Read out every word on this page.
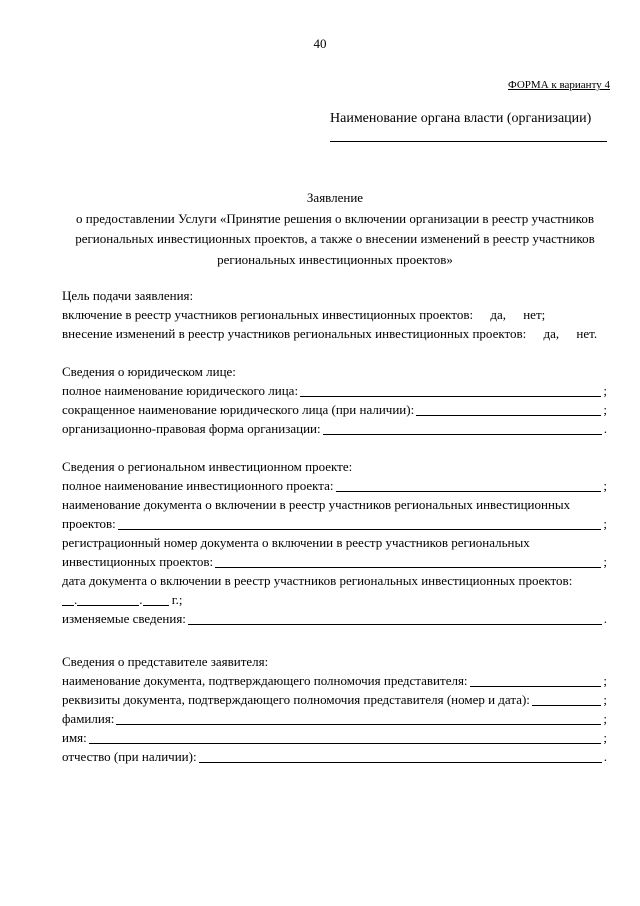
40
ФОРМА к варианту 4
Наименование органа власти (организации)
Заявление
о предоставлении Услуги «Принятие решения о включении организации в реестр участников
региональных инвестиционных проектов, а также о внесении изменений в реестр участников
региональных инвестиционных проектов»
Цель подачи заявления:
включение в реестр участников региональных инвестиционных проектов: да, нет;
внесение изменений в реестр участников региональных инвестиционных проектов: да, нет.
Сведения о юридическом лице:
полное наименование юридического лица:	;
сокращенное наименование юридического лица (при наличии):	;
организационно-правовая форма организации:	.
Сведения о региональном инвестиционном проекте:
полное наименование инвестиционного проекта:	;
наименование документа о включении в реестр участников региональных инвестиционных
проектов:	;
регистрационный номер документа о включении в реестр участников региональных
инвестиционных проектов:	;
дата документа о включении в реестр участников региональных инвестиционных проектов:
.	. г.;
изменяемые сведения:	.
Сведения о представителе заявителя:
наименование документа, подтверждающего полномочия представителя:	;
реквизиты документа, подтверждающего полномочия представителя (номер и дата):	;
фамилия:	;
имя:	;
отчество (при наличии):	.
